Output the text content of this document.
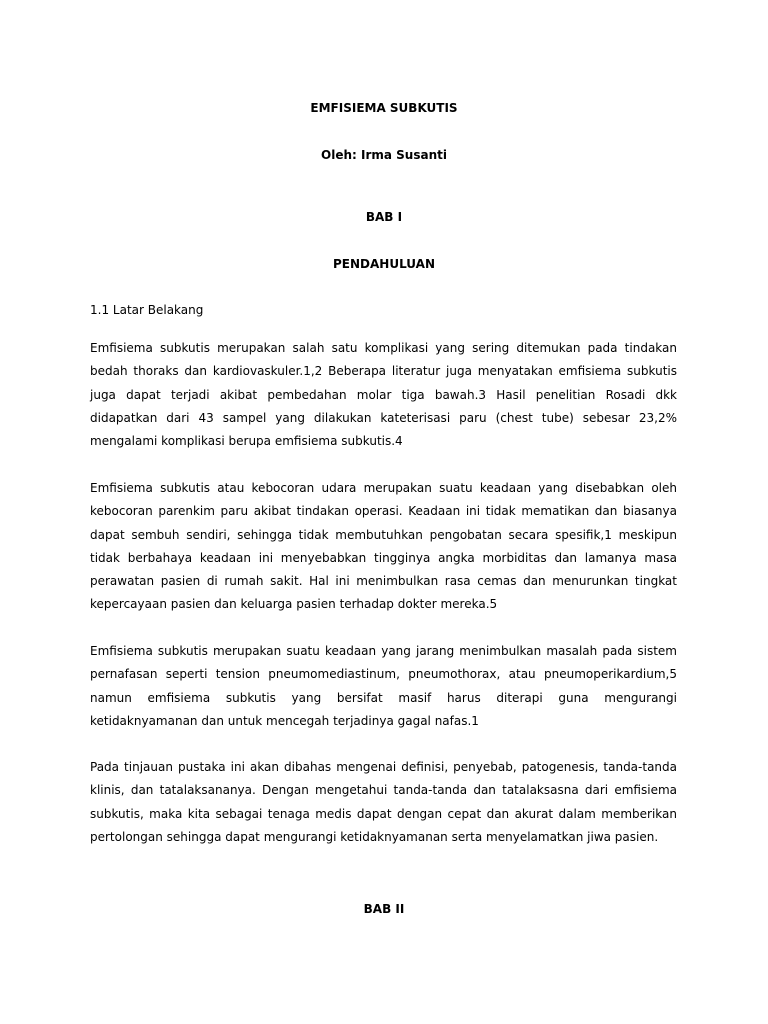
EMFISIEMA SUBKUTIS
Oleh: Irma Susanti
BAB I
PENDAHULUAN
1.1 Latar Belakang

Emfisiema subkutis merupakan salah satu komplikasi yang sering ditemukan pada tindakan bedah thoraks dan kardiovaskuler.1,2 Beberapa literatur juga menyatakan emfisiema subkutis juga dapat terjadi akibat pembedahan molar tiga bawah.3 Hasil penelitian Rosadi dkk didapatkan dari 43 sampel yang dilakukan kateterisasi paru (chest tube) sebesar 23,2% mengalami komplikasi berupa emfisiema subkutis.4

Emfisiema subkutis atau kebocoran udara merupakan suatu keadaan yang disebabkan oleh kebocoran parenkim paru akibat tindakan operasi. Keadaan ini tidak mematikan dan biasanya dapat sembuh sendiri, sehingga tidak membutuhkan pengobatan secara spesifik,1 meskipun tidak berbahaya keadaan ini menyebabkan tingginya angka morbiditas dan lamanya masa perawatan pasien di rumah sakit. Hal ini menimbulkan rasa cemas dan menurunkan tingkat kepercayaan pasien dan keluarga pasien terhadap dokter mereka.5

Emfisiema subkutis merupakan suatu keadaan yang jarang menimbulkan masalah pada sistem pernafasan seperti tension pneumomediastinum, pneumothorax, atau pneumoperikardium,5 namun emfisiema subkutis yang bersifat masif harus diterapi guna mengurangi ketidaknyamanan dan untuk mencegah terjadinya gagal nafas.1

Pada tinjauan pustaka ini akan dibahas mengenai definisi, penyebab, patogenesis, tanda-tanda klinis, dan tatalaksananya. Dengan mengetahui tanda-tanda dan tatalaksasna dari emfisiema subkutis, maka kita sebagai tenaga medis dapat dengan cepat dan akurat dalam memberikan pertolongan sehingga dapat mengurangi ketidaknyamanan serta menyelamatkan jiwa pasien.

BAB II
